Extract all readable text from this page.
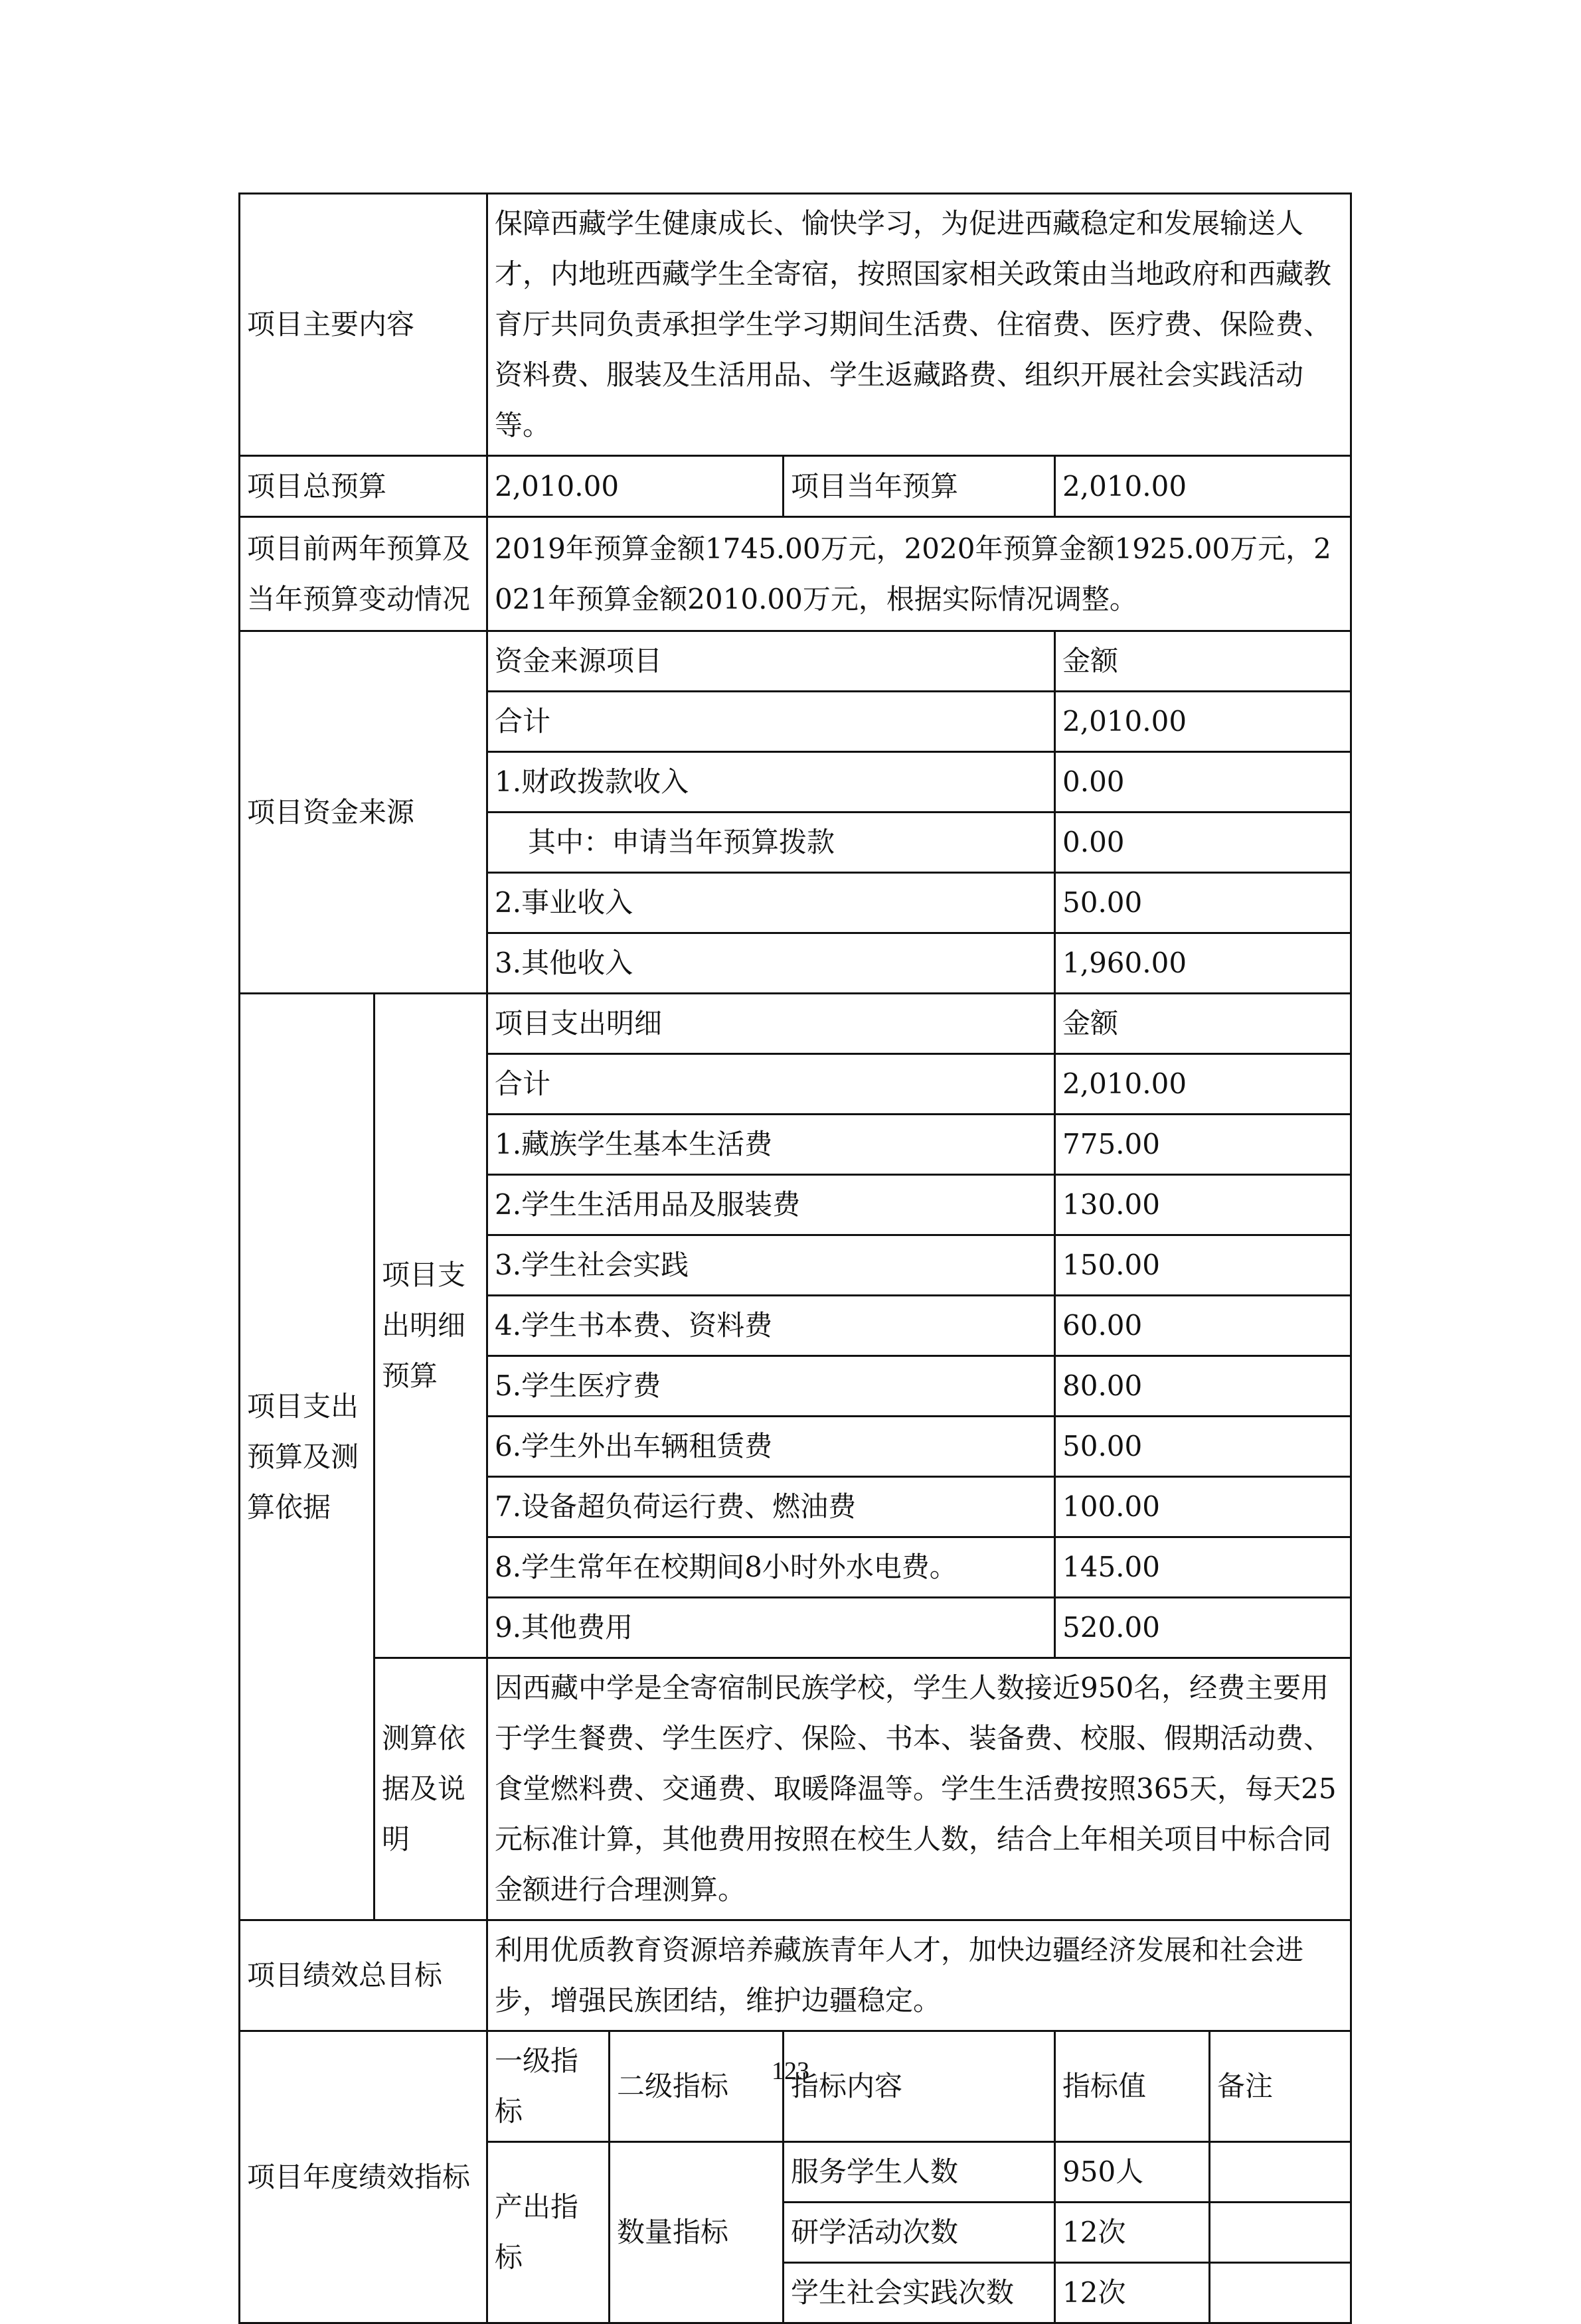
项目主要内容		保障西藏学生健康成长、愉快学习，为促进西藏稳定和发展输送人才，内地班西藏学生全寄宿，按照国家相关政策由当地政府和西藏教育厅共同负责承担学生学习期间生活费、住宿费、医疗费、保险费、资料费、服装及生活用品、学生返藏路费、组织开展社会实践活动等。				
项目总预算		2,010.00		项目当年预算	2,010.00	
项目前两年预算及当年预算变动情况		2019年预算金额1745.00万元，2020年预算金额1925.00万元，2021年预算金额2010.00万元，根据实际情况调整。				
项目资金来源		资金来源项目			金额	
		合计			2,010.00	
		1.财政拨款收入			0.00	
		其中：申请当年预算拨款			0.00	
		2.事业收入			50.00	
		3.其他收入			1,960.00	
项目支出预算及测算依据	项目支出明细预算	项目支出明细			金额	
		合计			2,010.00	
		1.藏族学生基本生活费			775.00	
		2.学生生活用品及服装费			130.00	
		3.学生社会实践			150.00	
		4.学生书本费、资料费			60.00	
		5.学生医疗费			80.00	
		6.学生外出车辆租赁费			50.00	
		7.设备超负荷运行费、燃油费			100.00	
		8.学生常年在校期间8小时外水电费。			145.00	
		9.其他费用			520.00	
	测算依据及说明	因西藏中学是全寄宿制民族学校，学生人数接近950名，经费主要用于学生餐费、学生医疗、保险、书本、装备费、校服、假期活动费、食堂燃料费、交通费、取暖降温等。学生生活费按照365天，每天25元标准计算，其他费用按照在校生人数，结合上年相关项目中标合同金额进行合理测算。				
项目绩效总目标		利用优质教育资源培养藏族青年人才，加快边疆经济发展和社会进步，增强民族团结，维护边疆稳定。				
项目年度绩效指标		一级指标	二级指标	指标内容	指标值	备注
		产出指标	数量指标	服务学生人数	950人	
				研学活动次数	12次	
				学生社会实践次数	12次	
123
